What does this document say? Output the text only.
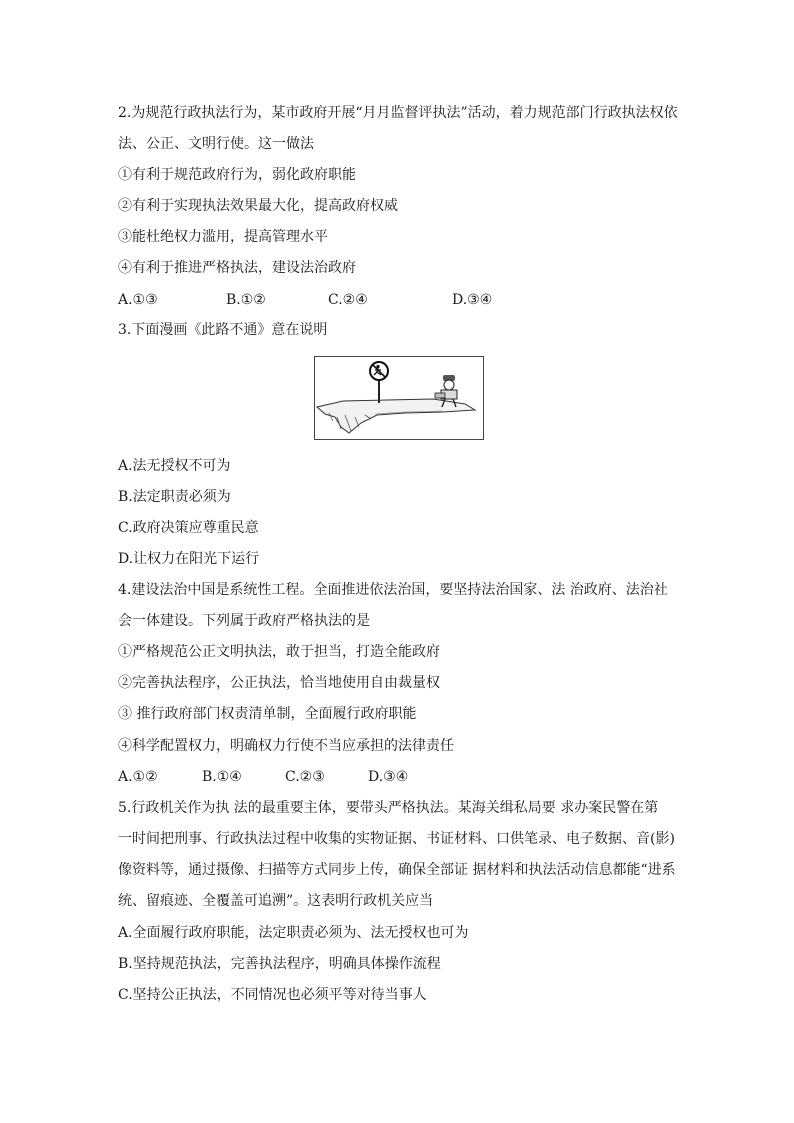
2.为规范行政执法行为，某市政府开展“月月监督评执法”活动，着力规范部门行政执法权依
法、公正、文明行使。这一做法
①有利于规范政府行为，弱化政府职能
②有利于实现执法效果最大化，提高政府权威
③能杜绝权力滥用，提高管理水平
④有利于推进严格执法，建设法治政府
A.①③	B.①②	C.②④	D.③④
3.下面漫画《此路不通》意在说明
A.法无授权不可为
B.法定职责必须为
C.政府决策应尊重民意
D.让权力在阳光下运行
4.建设法治中国是系统性工程。全面推进依法治国，要坚持法治国家、法 治政府、法治社
会一体建设。下列属于政府严格执法的是
①严格规范公正文明执法，敢于担当，打造全能政府
②完善执法程序，公正执法，恰当地使用自由裁量权
③ 推行政府部门权责清单制，全面履行政府职能
④科学配置权力，明确权力行使不当应承担的法律责任
A.①②	B.①④	C.②③	D.③④
5.行政机关作为执 法的最重要主体，要带头严格执法。某海关缉私局要 求办案民警在第
一时间把刑事、行政执法过程中收集的实物证据、书证材料、口供笔录、电子数据、音(影)
像资料等，通过摄像、扫描等方式同步上传，确保全部证 据材料和执法活动信息都能“进系
统、留痕迹、全覆盖可追溯”。这表明行政机关应当
A.全面履行政府职能，法定职责必须为、法无授权也可为
B.坚持规范执法，完善执法程序，明确具体操作流程
C.坚持公正执法，不同情况也必须平等对待当事人
